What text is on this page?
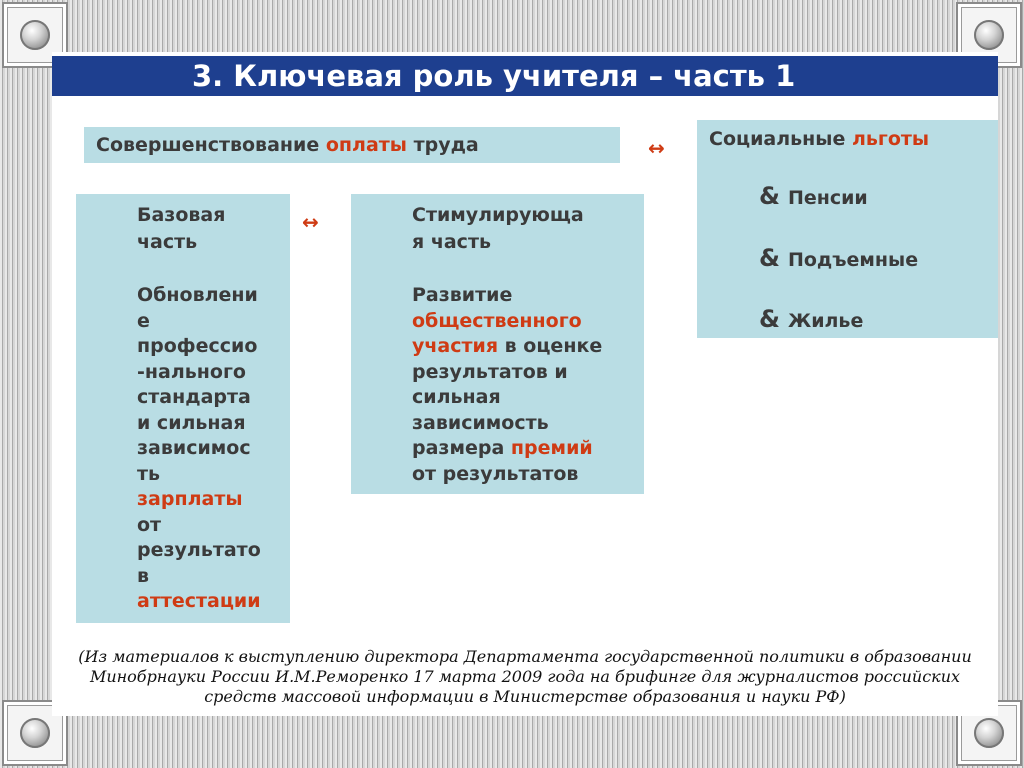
3. Ключевая роль учителя – часть 1
Совершенствование оплаты труда	↔ Социальные льготы
& Пенсии
& Подъемные
& Жилье
Базовая
часть
Обновлени
е
профессио
-нального
стандарта
и сильная
зависимос
ть
зарплаты
от
результато
в
аттестации
↔	Стимулирующа
я часть
Развитие
общественного
участия в оценке
результатов и
сильная
зависимость
размера премий
от результатов
(Из материалов к выступлению директора Департамента государственной политики в образовании
Минобрнауки России И.М.Реморенко 17 марта 2009 года на брифинге для журналистов российских
средств массовой информации в Министерстве образования и науки РФ)
